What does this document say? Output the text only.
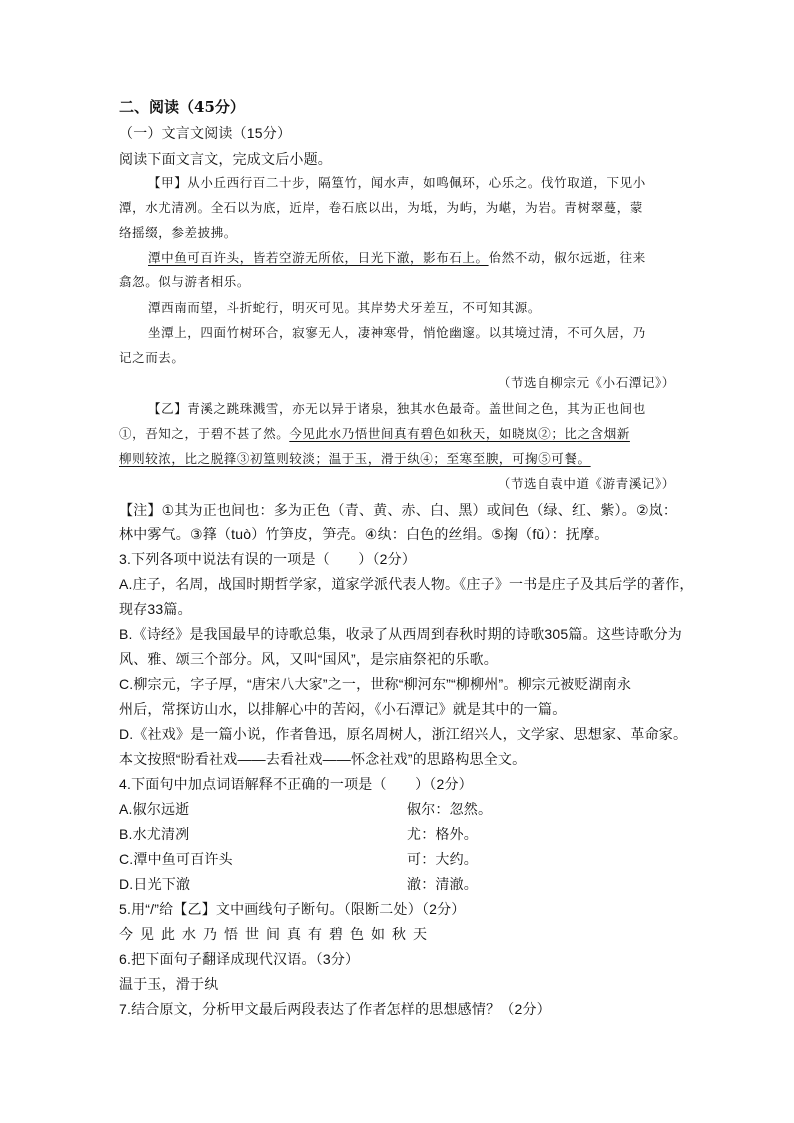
二、阅读（45分）
（一）文言文阅读（15分）
阅读下面文言文，完成文后小题。
【甲】从小丘西行百二十步，隔篁竹，闻水声，如鸣佩环，心乐之。伐竹取道，下见小
潭，水尤清冽。全石以为底，近岸，卷石底以出，为坻，为屿，为嵁，为岩。青树翠蔓，蒙
络摇缀，参差披拂。
潭中鱼可百许头，皆若空游无所依，日光下澈，影布石上。佁然不动，俶尔远逝，往来
翕忽。似与游者相乐。
潭西南而望，斗折蛇行，明灭可见。其岸势犬牙差互，不可知其源。
坐潭上，四面竹树环合，寂寥无人，凄神寒骨，悄怆幽邃。以其境过清，不可久居，乃
记之而去。
（节选自柳宗元《小石潭记》）
【乙】青溪之跳珠溅雪，亦无以异于诸泉，独其水色最奇。盖世间之色，其为正也间也
①，吾知之，于碧不甚了然。今见此水乃悟世间真有碧色如秋天，如晓岚②；比之含烟新
柳则较浓，比之脱箨③初篁则较淡；温于玉，滑于纨④；至寒至腴，可掬⑤可餐。
（节选自袁中道《游青溪记》）
【注】①其为正也间也：多为正色（青、黄、赤、白、黑）或间色（绿、红、紫）。②岚：
林中雾气。③箨（tuò）竹笋皮，笋壳。④纨：白色的丝绢。⑤掬（fǔ）：抚摩。
3.下列各项中说法有误的一项是（　　）（2分）
A.庄子，名周，战国时期哲学家，道家学派代表人物。《庄子》一书是庄子及其后学的著作，
现存33篇。
B.《诗经》是我国最早的诗歌总集，收录了从西周到春秋时期的诗歌305篇。这些诗歌分为
风、雅、颂三个部分。风，又叫“国风”，是宗庙祭祀的乐歌。
C.柳宗元，字子厚，“唐宋八大家”之一，世称“柳河东”“柳柳州”。柳宗元被贬湖南永
州后，常探访山水，以排解心中的苦闷，《小石潭记》就是其中的一篇。
D.《社戏》是一篇小说，作者鲁迅，原名周树人，浙江绍兴人，文学家、思想家、革命家。
本文按照“盼看社戏——去看社戏——怀念社戏”的思路构思全文。
4.下面句中加点词语解释不正确的一项是（　　）（2分）
A.俶尔远逝	俶尔：忽然。
B.水尤清冽	尤：格外。
C.潭中鱼可百许头	可：大约。
D.日光下澈	澈：清澈。
5.用“/”给【乙】文中画线句子断句。（限断二处）（2分）
今见此水乃悟世间真有碧色如秋天
6.把下面句子翻译成现代汉语。（3分）
温于玉，滑于纨
7.结合原文，分析甲文最后两段表达了作者怎样的思想感情？（2分）
